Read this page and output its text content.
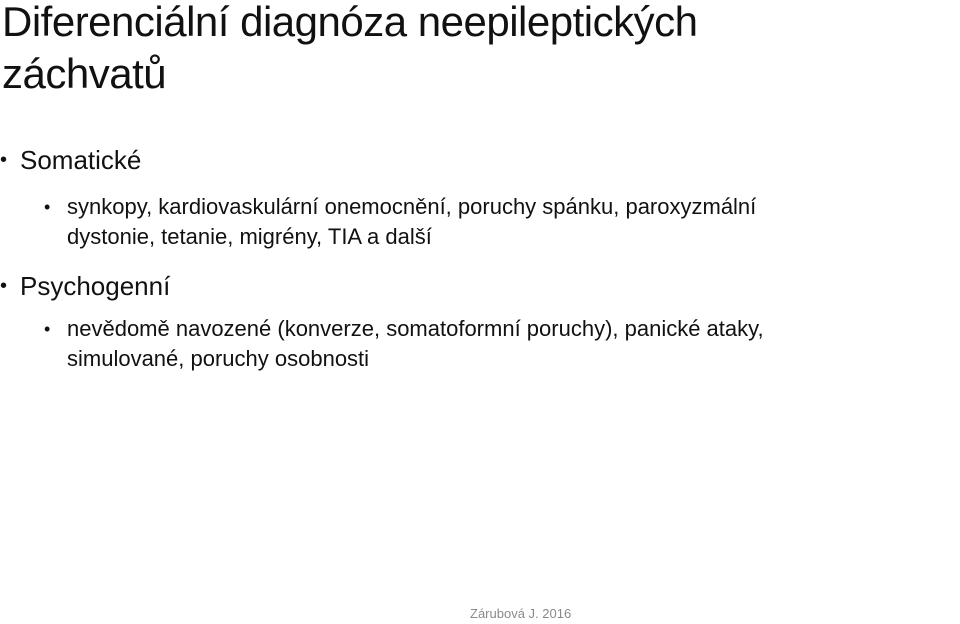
Diferenciální diagnóza neepileptických
záchvatů
• Somatické
• synkopy, kardiovaskulární onemocnění, poruchy spánku, paroxyzmální
dystonie, tetanie, migrény, TIA a další
• Psychogenní
• nevědomě navozené (konverze, somatoformní poruchy), panické ataky,
simulované, poruchy osobnosti
Zárubová J. 2016
